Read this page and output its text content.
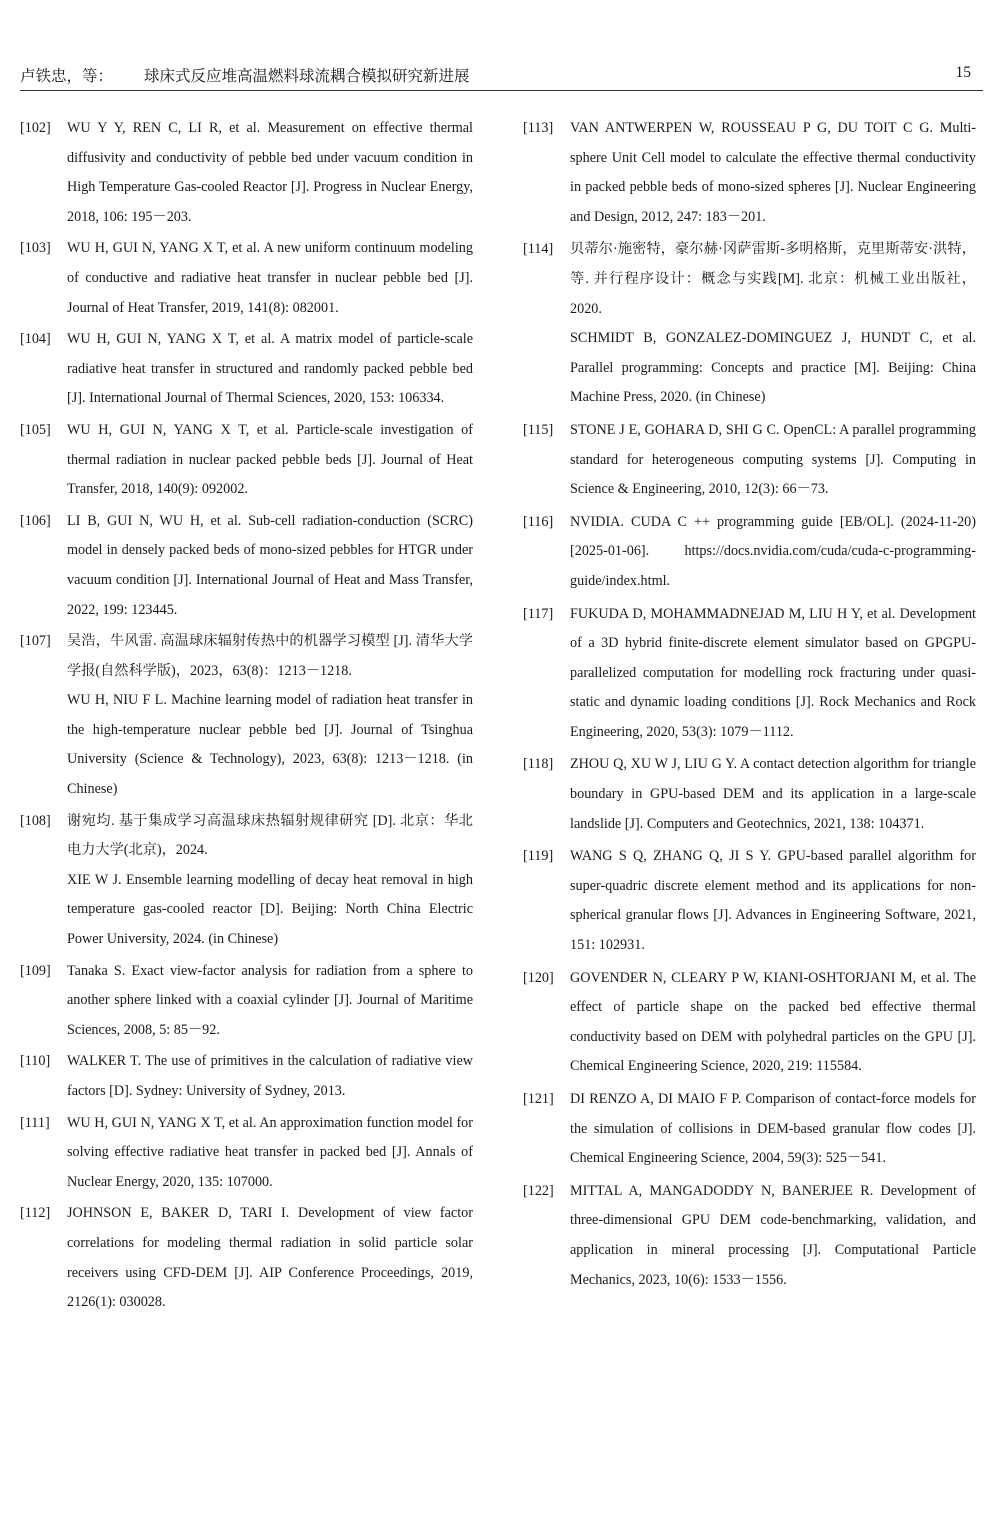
卢铁忠，等： 球床式反应堆高温燃料球流耦合模拟研究新进展	15
[102] WU Y Y, REN C, LI R, et al. Measurement on effective thermal diffusivity and conductivity of pebble bed under vacuum condition in High Temperature Gas-cooled Reactor [J]. Progress in Nuclear Energy, 2018, 106: 195－203.
[103] WU H, GUI N, YANG X T, et al. A new uniform continuum modeling of conductive and radiative heat transfer in nuclear pebble bed [J]. Journal of Heat Transfer, 2019, 141(8): 082001.
[104] WU H, GUI N, YANG X T, et al. A matrix model of particle-scale radiative heat transfer in structured and randomly packed pebble bed [J]. International Journal of Thermal Sciences, 2020, 153: 106334.
[105] WU H, GUI N, YANG X T, et al. Particle-scale investigation of thermal radiation in nuclear packed pebble beds [J]. Journal of Heat Transfer, 2018, 140(9): 092002.
[106] LI B, GUI N, WU H, et al. Sub-cell radiation-conduction (SCRC) model in densely packed beds of mono-sized pebbles for HTGR under vacuum condition [J]. International Journal of Heat and Mass Transfer, 2022, 199: 123445.
[107] 吴浩，牛风雷. 高温球床辐射传热中的机器学习模型 [J]. 清华大学学报(自然科学版)，2023，63(8)：1213－1218.
WU H, NIU F L. Machine learning model of radiation heat transfer in the high-temperature nuclear pebble bed [J]. Journal of Tsinghua University (Science & Technology), 2023, 63(8): 1213－1218. (in Chinese)
[108] 谢宛均. 基于集成学习高温球床热辐射规律研究 [D]. 北京：华北电力大学(北京)，2024.
XIE W J. Ensemble learning modelling of decay heat removal in high temperature gas-cooled reactor [D]. Beijing: North China Electric Power University, 2024. (in Chinese)
[109] Tanaka S. Exact view-factor analysis for radiation from a sphere to another sphere linked with a coaxial cylinder [J]. Journal of Maritime Sciences, 2008, 5: 85－92.
[110] WALKER T. The use of primitives in the calculation of radiative view factors [D]. Sydney: University of Sydney, 2013.
[111] WU H, GUI N, YANG X T, et al. An approximation function model for solving effective radiative heat transfer in packed bed [J]. Annals of Nuclear Energy, 2020, 135: 107000.
[112] JOHNSON E, BAKER D, TARI I. Development of view factor correlations for modeling thermal radiation in solid particle solar receivers using CFD-DEM [J]. AIP Conference Proceedings, 2019, 2126(1): 030028.
[113] VAN ANTWERPEN W, ROUSSEAU P G, DU TOIT C G. Multi-sphere Unit Cell model to calculate the effective thermal conductivity in packed pebble beds of mono-sized spheres [J]. Nuclear Engineering and Design, 2012, 247: 183－201.
[114] 贝蒂尔·施密特，豪尔赫·冈萨雷斯-多明格斯，克里斯蒂安·洪特，等. 并行程序设计：概念与实践[M]. 北京：机械工业出版社，2020.
SCHMIDT B, GONZALEZ-DOMINGUEZ J, HUNDT C, et al. Parallel programming: Concepts and practice [M]. Beijing: China Machine Press, 2020. (in Chinese)
[115] STONE J E, GOHARA D, SHI G C. OpenCL: A parallel programming standard for heterogeneous computing systems [J]. Computing in Science & Engineering, 2010, 12(3): 66－73.
[116] NVIDIA. CUDA C ++ programming guide [EB/OL]. (2024-11-20)[2025-01-06]. https://docs.nvidia.com/cuda/cuda-c-programming-guide/index.html.
[117] FUKUDA D, MOHAMMADNEJAD M, LIU H Y, et al. Development of a 3D hybrid finite-discrete element simulator based on GPGPU-parallelized computation for modelling rock fracturing under quasi-static and dynamic loading conditions [J]. Rock Mechanics and Rock Engineering, 2020, 53(3): 1079－1112.
[118] ZHOU Q, XU W J, LIU G Y. A contact detection algorithm for triangle boundary in GPU-based DEM and its application in a large-scale landslide [J]. Computers and Geotechnics, 2021, 138: 104371.
[119] WANG S Q, ZHANG Q, JI S Y. GPU-based parallel algorithm for super-quadric discrete element method and its applications for non-spherical granular flows [J]. Advances in Engineering Software, 2021, 151: 102931.
[120] GOVENDER N, CLEARY P W, KIANI-OSHTORJANI M, et al. The effect of particle shape on the packed bed effective thermal conductivity based on DEM with polyhedral particles on the GPU [J]. Chemical Engineering Science, 2020, 219: 115584.
[121] DI RENZO A, DI MAIO F P. Comparison of contact-force models for the simulation of collisions in DEM-based granular flow codes [J]. Chemical Engineering Science, 2004, 59(3): 525－541.
[122] MITTAL A, MANGADODDY N, BANERJEE R. Development of three-dimensional GPU DEM code-benchmarking, validation, and application in mineral processing [J]. Computational Particle Mechanics, 2023, 10(6): 1533－1556.
